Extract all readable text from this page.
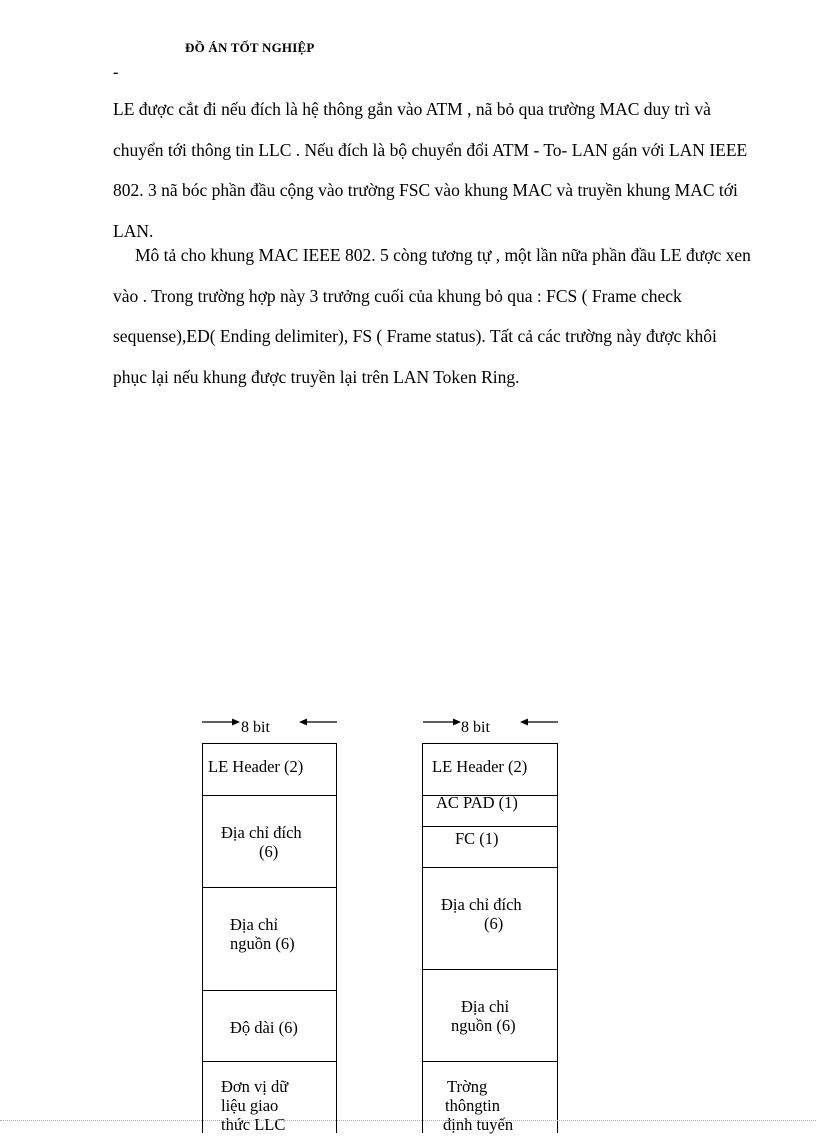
ĐỒ ÁN TỐT NGHIỆP
-

LE được cắt đi nếu đích là hệ thông gắn vào ATM , nã bỏ qua trường MAC duy trì và chuyển tới thông tin LLC . Nếu đích là bộ chuyển đổi ATM - To- LAN gán với LAN IEEE 802. 3 nã bóc phần đầu cộng vào trường FSC vào khung MAC và truyền khung MAC tới LAN.

Mô tả cho khung MAC IEEE 802. 5 còng tương tự , một lần nữa phần đầu LE được xen vào . Trong trường hợp này 3 trưởng cuối của khung bỏ qua : FCS ( Frame check sequense),ED( Ending delimiter), FS ( Frame status). Tất cả các trường này được khôi phục lại nếu khung được truyền lại trên LAN Token Ring.

8 bit
LE Header (2)
Địa chỉ đích
(6)
Địa chỉ
nguồn (6)
Độ dài (6)
Đơn vị dữ
liệu giao
thức LLC
8 bit
LE Header (2)
AC PAD (1)
FC (1)
Địa chỉ đích
(6)
Địa chỉ
nguồn (6)
Trờng
thôngtin
định tuyến
